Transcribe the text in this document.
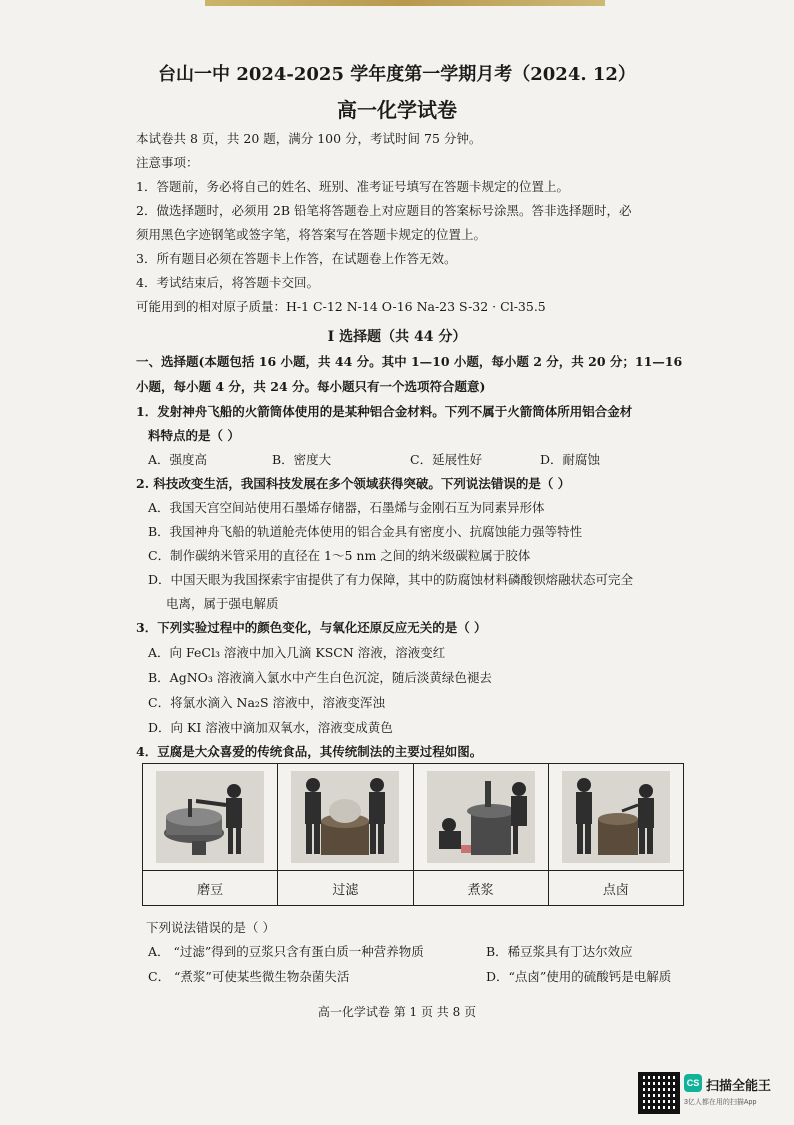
台山一中 2024-2025 学年度第一学期月考（2024. 12）
高一化学试卷
本试卷共 8 页，共 20 题，满分 100 分，考试时间 75 分钟。
注意事项：
1．答题前，务必将自己的姓名、班别、准考证号填写在答题卡规定的位置上。
2．做选择题时，必须用 2B 铅笔将答题卷上对应题目的答案标号涂黑。答非选择题时，必
须用黑色字迹钢笔或签字笔，将答案写在答题卡规定的位置上。
3．所有题目必须在答题卡上作答，在试题卷上作答无效。
4．考试结束后，将答题卡交回。
可能用到的相对原子质量：H-1 C-12 N-14 O-16 Na-23 S-32 · Cl-35.5
Ⅰ 选择题（共 44 分）
一、选择题(本题包括 16 小题，共 44 分。其中 1—10 小题，每小题 2 分，共 20 分；11—16
小题，每小题 4 分，共 24 分。每小题只有一个选项符合题意)
1．发射神舟飞船的火箭筒体使用的是某种铝合金材料。下列不属于火箭筒体所用铝合金材
料特点的是（ ）
A．强度高	B．密度大	C．延展性好	D．耐腐蚀
2. 科技改变生活，我国科技发展在多个领域获得突破。下列说法错误的是（ ）
A．我国天宫空间站使用石墨烯存储器，石墨烯与金刚石互为同素异形体
B．我国神舟飞船的轨道舱壳体使用的铝合金具有密度小、抗腐蚀能力强等特性
C．制作碳纳米管采用的直径在 1～5 nm 之间的纳米级碳粒属于胶体
D．中国天眼为我国探索宇宙提供了有力保障，其中的防腐蚀材料磷酸钡熔融状态可完全
电离，属于强电解质
3．下列实验过程中的颜色变化，与氧化还原反应无关的是（ ）
A．向 FeCl₃ 溶液中加入几滴 KSCN 溶液，溶液变红
B．AgNO₃ 溶液滴入氯水中产生白色沉淀，随后淡黄绿色褪去
C．将氯水滴入 Na₂S 溶液中，溶液变浑浊
D．向 KI 溶液中滴加双氧水，溶液变成黄色
4．豆腐是大众喜爱的传统食品，其传统制法的主要过程如图。

磨豆	过滤	煮浆	点卤
下列说法错误的是（ ）
A． “过滤”得到的豆浆只含有蛋白质一种营养物质	B．稀豆浆具有丁达尔效应
C． “煮浆”可使某些微生物杂菌失活	D．“点卤”使用的硫酸钙是电解质
高一化学试卷 第 1 页 共 8 页
CS 扫描全能王
3亿人都在用的扫描App
